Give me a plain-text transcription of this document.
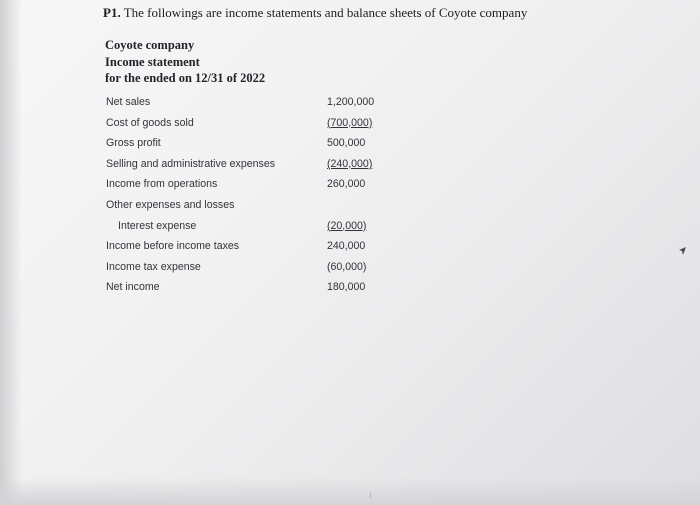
P1. The followings are income statements and balance sheets of Coyote company
Coyote company
Income statement
for the ended on 12/31 of 2022
Net sales	1,200,000
Cost of goods sold	(700,000)
Gross profit	500,000
Selling and administrative expenses	(240,000)
Income from operations	260,000
Other expenses and losses
Interest expense	(20,000)
Income before income taxes	240,000
Income tax expense	(60,000)
Net income	180,000
